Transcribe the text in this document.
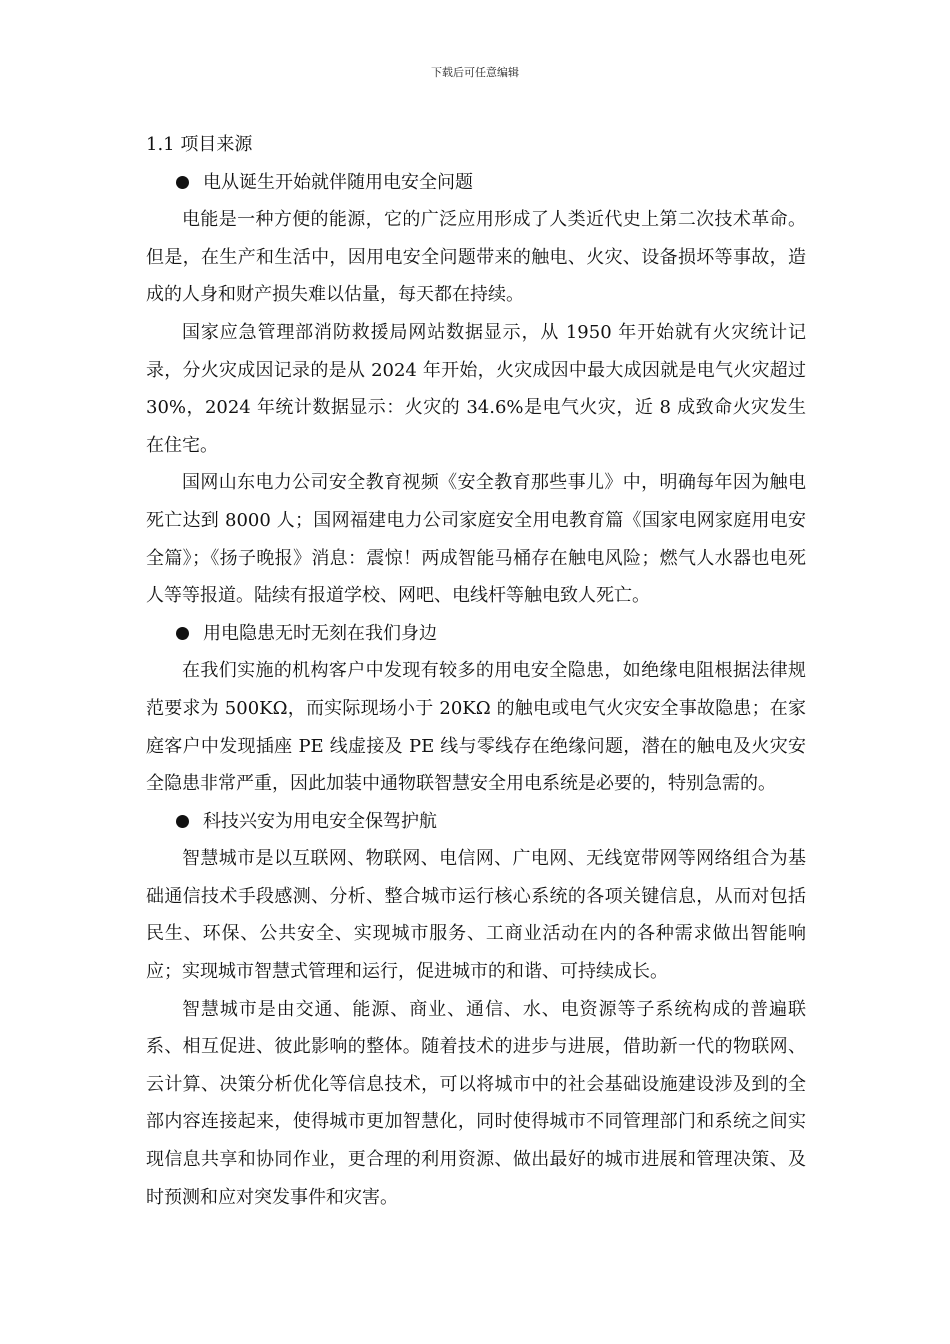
下载后可任意编辑

1.1 项目来源

电从诞生开始就伴随用电安全问题

电能是一种方便的能源，它的广泛应用形成了人类近代史上第二次技术革命。但是，在生产和生活中，因用电安全问题带来的触电、火灾、设备损坏等事故，造成的人身和财产损失难以估量，每天都在持续。

国家应急管理部消防救援局网站数据显示，从 1950 年开始就有火灾统计记录，分火灾成因记录的是从 2024 年开始，火灾成因中最大成因就是电气火灾超过 30%，2024 年统计数据显示：火灾的 34.6%是电气火灾，近 8 成致命火灾发生在住宅。

国网山东电力公司安全教育视频《安全教育那些事儿》中，明确每年因为触电死亡达到 8000 人；国网福建电力公司家庭安全用电教育篇《国家电网家庭用电安全篇》；《扬子晚报》消息：震惊！两成智能马桶存在触电风险；燃气人水器也电死人等等报道。陆续有报道学校、网吧、电线杆等触电致人死亡。

用电隐患无时无刻在我们身边

在我们实施的机构客户中发现有较多的用电安全隐患，如绝缘电阻根据法律规范要求为 500KΩ，而实际现场小于 20KΩ 的触电或电气火灾安全事故隐患；在家庭客户中发现插座 PE 线虚接及 PE 线与零线存在绝缘问题，潜在的触电及火灾安全隐患非常严重，因此加装中通物联智慧安全用电系统是必要的，特别急需的。

科技兴安为用电安全保驾护航

智慧城市是以互联网、物联网、电信网、广电网、无线宽带网等网络组合为基础通信技术手段感测、分析、整合城市运行核心系统的各项关键信息，从而对包括民生、环保、公共安全、实现城市服务、工商业活动在内的各种需求做出智能响应；实现城市智慧式管理和运行，促进城市的和谐、可持续成长。

智慧城市是由交通、能源、商业、通信、水、电资源等子系统构成的普遍联系、相互促进、彼此影响的整体。随着技术的进步与进展，借助新一代的物联网、云计算、决策分析优化等信息技术，可以将城市中的社会基础设施建设涉及到的全部内容连接起来，使得城市更加智慧化，同时使得城市不同管理部门和系统之间实现信息共享和协同作业，更合理的利用资源、做出最好的城市进展和管理决策、及时预测和应对突发事件和灾害。
